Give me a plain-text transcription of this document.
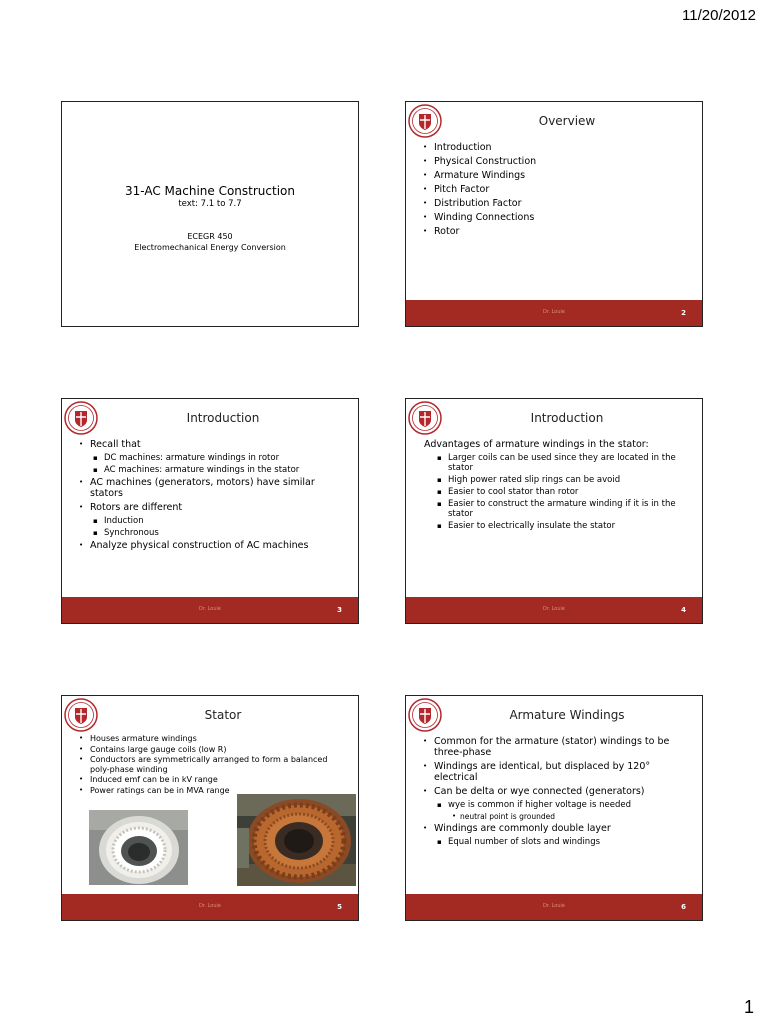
11/20/2012
31-AC Machine Construction
text: 7.1 to 7.7
ECEGR 450
Electromechanical Energy Conversion
Overview
• Introduction
• Physical Construction
• Armature Windings
• Pitch Factor
• Distribution Factor
• Winding Connections
• Rotor
Dr. Louie	2
Introduction
• Recall that
▪ DC machines: armature windings in rotor
▪ AC machines: armature windings in the stator
• AC machines (generators, motors) have similar stators
• Rotors are different
▪ Induction
▪ Synchronous
• Analyze physical construction of AC machines
Dr. Louie	3
Introduction
Advantages of armature windings in the stator:
▪ Larger coils can be used since they are located in the stator
▪ High power rated slip rings can be avoid
▪ Easier to cool stator than rotor
▪ Easier to construct the armature winding if it is in the stator
▪ Easier to electrically insulate the stator
Dr. Louie	4
Stator
• Houses armature windings
• Contains large gauge coils (low R)
• Conductors are symmetrically arranged to form a balanced poly-phase winding
• Induced emf can be in kV range
• Power ratings can be in MVA range
Dr. Louie	5
Armature Windings
• Common for the armature (stator) windings to be three-phase
• Windings are identical, but displaced by 120° electrical
• Can be delta or wye connected (generators)
▪ wye is common if higher voltage is needed
• neutral point is grounded
• Windings are commonly double layer
▪ Equal number of slots and windings
Dr. Louie	6
1
